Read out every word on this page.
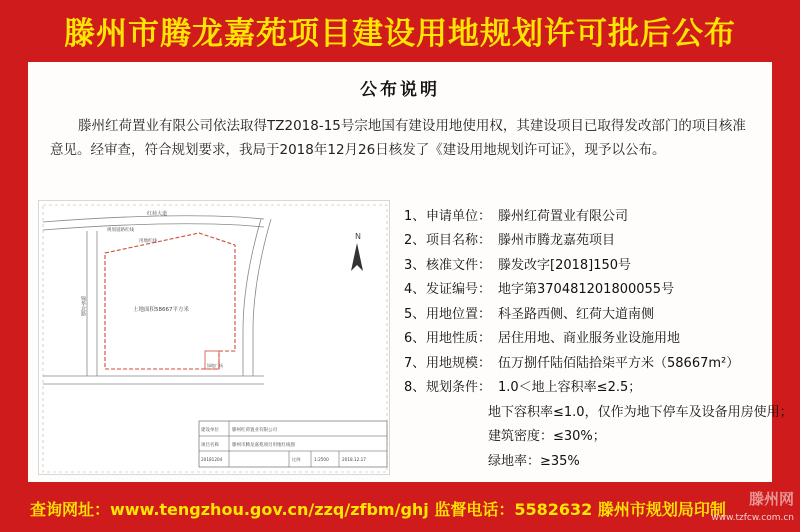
滕州市腾龙嘉苑项目建设用地规划许可批后公布
公布说明

滕州红荷置业有限公司依法取得TZ2018-15号宗地国有建设用地使用权，其建设项目已取得发改部门的项目核准意见。经审查，符合规划要求，我局于2018年12月26日核发了《建设用地规划许可证》，现予以公布。

N
红荷大道
规划道路红线
用地红线
锦华北路	土地面积58667平方米
绿地广场
建设单位	滕州红荷置业有限公司
项目名称	滕州市腾龙嘉苑项目用地红线图
20181204	比例	1:2500	2018.12.17
1、 申请单位： 滕州红荷置业有限公司
2、 项目名称： 滕州市腾龙嘉苑项目
3、 核准文件： 滕发改字[2018]150号
4、 发证编号： 地字第370481201800055号
5、 用地位置： 科圣路西侧、红荷大道南侧
6、 用地性质： 居住用地、商业服务业设施用地
7、 用地规模： 伍万捌仟陆佰陆拾柒平方米（58667m²）
8、 规划条件： 1.0＜地上容积率≤2.5；
地下容积率≤1.0，仅作为地下停车及设备用房使用；
建筑密度：≤30%；
绿地率：≥35%
查询网址：www.tengzhou.gov.cn/zzq/zfbm/ghj 监督电话：5582632 滕州市规划局印制
滕州网
www.tzfcw.com.cn
